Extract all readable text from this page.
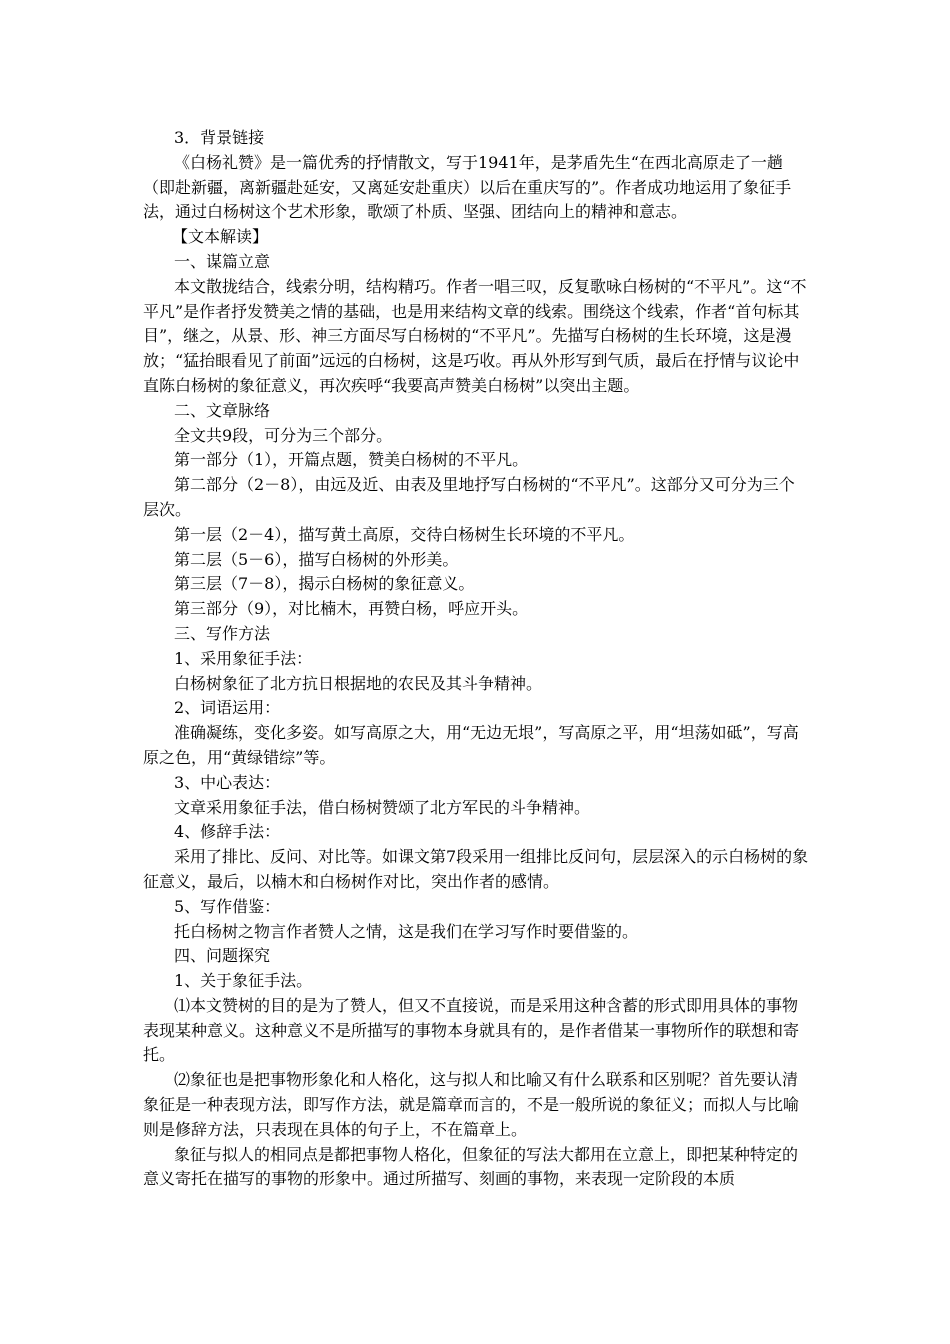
3．背景链接

《白杨礼赞》是一篇优秀的抒情散文，写于1941年，是茅盾先生“在西北高原走了一趟（即赴新疆，离新疆赴延安，又离延安赴重庆）以后在重庆写的”。作者成功地运用了象征手法，通过白杨树这个艺术形象，歌颂了朴质、坚强、团结向上的精神和意志。

【文本解读】

一、谋篇立意

本文散拢结合，线索分明，结构精巧。作者一唱三叹，反复歌咏白杨树的“不平凡”。这“不平凡”是作者抒发赞美之情的基础，也是用来结构文章的线索。围绕这个线索，作者“首句标其目”，继之，从景、形、神三方面尽写白杨树的“不平凡”。先描写白杨树的生长环境，这是漫放；“猛抬眼看见了前面”远远的白杨树，这是巧收。再从外形写到气质，最后在抒情与议论中直陈白杨树的象征意义，再次疾呼“我要高声赞美白杨树”以突出主题。

二、文章脉络

全文共9段，可分为三个部分。

第一部分（1），开篇点题，赞美白杨树的不平凡。

第二部分（2－8），由远及近、由表及里地抒写白杨树的“不平凡”。这部分又可分为三个层次。

第一层（2－4），描写黄土高原，交待白杨树生长环境的不平凡。

第二层（5－6），描写白杨树的外形美。

第三层（7－8），揭示白杨树的象征意义。

第三部分（9），对比楠木，再赞白杨，呼应开头。

三、写作方法

1、采用象征手法：

白杨树象征了北方抗日根据地的农民及其斗争精神。

2、词语运用：

准确凝练，变化多姿。如写高原之大，用“无边无垠”，写高原之平，用“坦荡如砥”，写高原之色，用“黄绿错综”等。

3、中心表达：

文章采用象征手法，借白杨树赞颂了北方军民的斗争精神。

4、修辞手法：

采用了排比、反问、对比等。如课文第7段采用一组排比反问句，层层深入的示白杨树的象征意义，最后，以楠木和白杨树作对比，突出作者的感情。

5、写作借鉴：

托白杨树之物言作者赞人之情，这是我们在学习写作时要借鉴的。

四、问题探究

1、关于象征手法。

⑴本文赞树的目的是为了赞人，但又不直接说，而是采用这种含蓄的形式即用具体的事物表现某种意义。这种意义不是所描写的事物本身就具有的，是作者借某一事物所作的联想和寄托。

⑵象征也是把事物形象化和人格化，这与拟人和比喻又有什么联系和区别呢？首先要认清象征是一种表现方法，即写作方法，就是篇章而言的，不是一般所说的象征义；而拟人与比喻则是修辞方法，只表现在具体的句子上，不在篇章上。

象征与拟人的相同点是都把事物人格化，但象征的写法大都用在立意上，即把某种特定的意义寄托在描写的事物的形象中。通过所描写、刻画的事物，来表现一定阶段的本质
